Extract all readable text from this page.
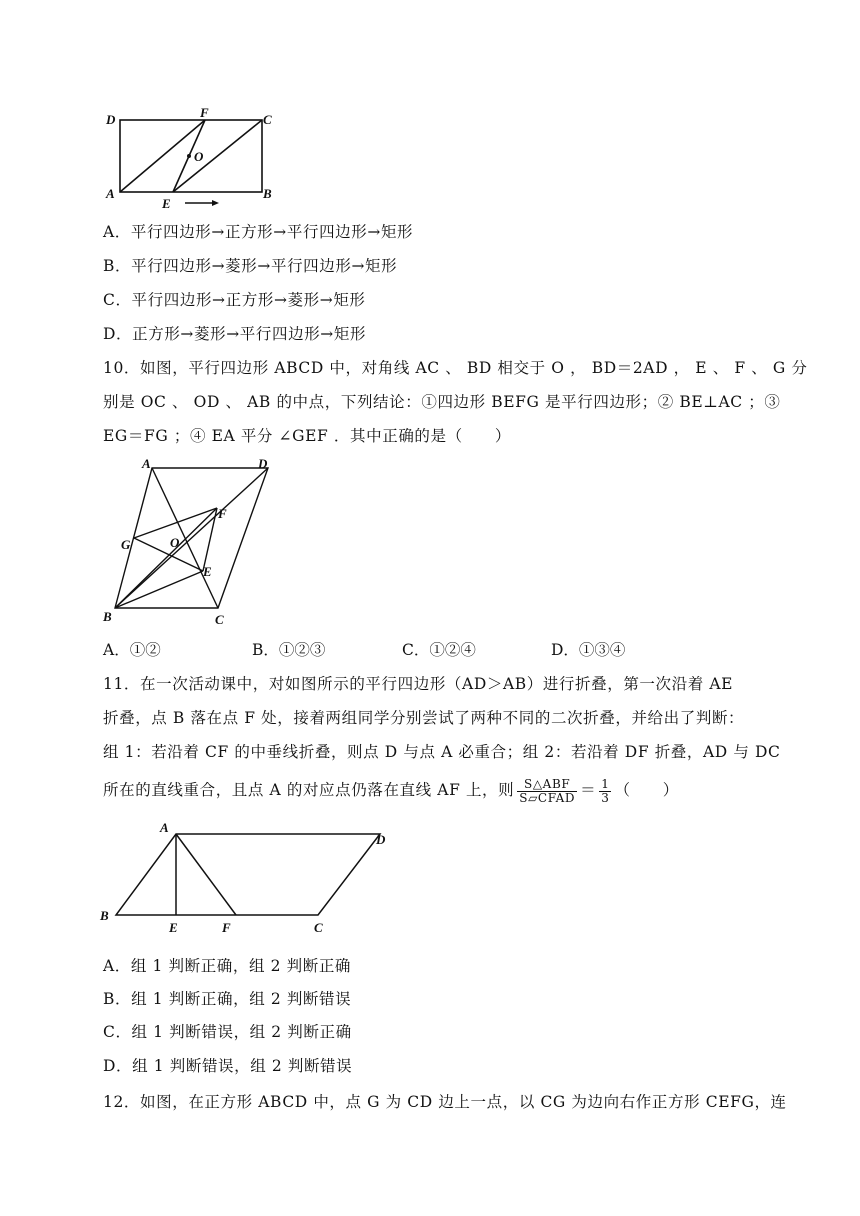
D	F	C
O
A
E
B
A．平行四边形→正方形→平行四边形→矩形
B．平行四边形→菱形→平行四边形→矩形
C．平行四边形→正方形→菱形→矩形
D．正方形→菱形→平行四边形→矩形
10．如图，平行四边形 ABCD 中，对角线 AC 、 BD 相交于 O ， BD＝2AD ， E 、 F 、 G 分
别是 OC 、 OD 、 AB 的中点，下列结论：①四边形 BEFG 是平行四边形；② BE⊥AC ；③
EG＝FG ；④ EA 平分 ∠GEF ．其中正确的是（　　）
A	D
F
G	O
E
B	C
A．①②	B．①②③	C．①②④	D．①③④
11．在一次活动课中，对如图所示的平行四边形（AD＞AB）进行折叠，第一次沿着 AE
折叠，点 B 落在点 F 处，接着两组同学分别尝试了两种不同的二次折叠，并给出了判断：
组 1：若沿着 CF 的中垂线折叠，则点 D 与点 A 必重合；组 2：若沿着 DF 折叠，AD 与 DC
所在的直线重合，且点 A 的对应点仍落在直线 AF 上，则 $\frac{\text{S△ABF}}{\text{S▱CFAD}} = \frac{1}{3}$ （　　）
A
D
B
E	F	C
A．组 1 判断正确，组 2 判断正确
B．组 1 判断正确，组 2 判断错误
C．组 1 判断错误，组 2 判断正确
D．组 1 判断错误，组 2 判断错误
12．如图，在正方形 ABCD 中，点 G 为 CD 边上一点，以 CG 为边向右作正方形 CEFG，连
